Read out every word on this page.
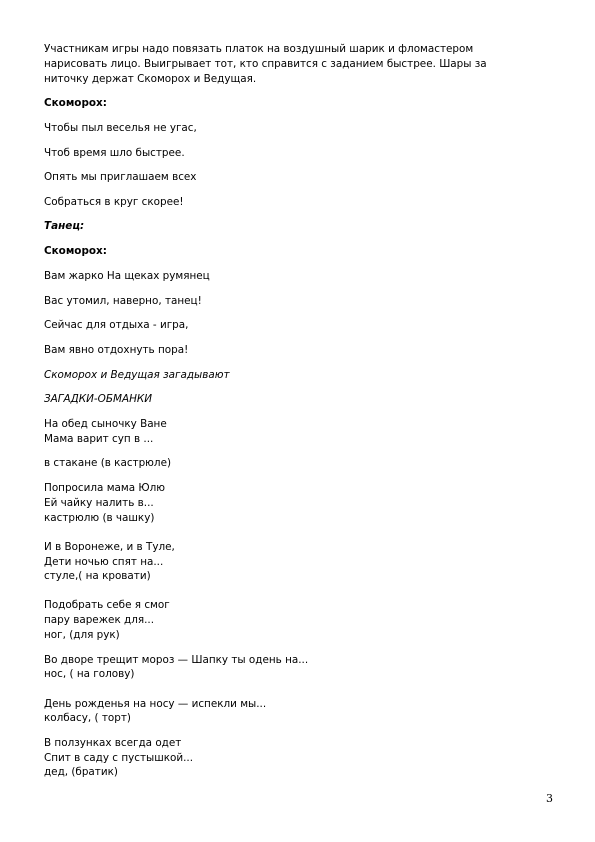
Участникам игры надо повязать платок на воздушный шарик и фломастером
нарисовать лицо. Выигрывает тот, кто справится с заданием быстрее. Шары за
ниточку держат Скоморох и Ведущая.
Скоморох:
Чтобы пыл веселья не угас,
Чтоб время шло быстрее.
Опять мы приглашаем всех
Собраться в круг скорее!
Танец:
Скоморох:
Вам жарко На щеках румянец
Вас утомил, наверно, танец!
Сейчас для отдыха - игра,
Вам явно отдохнуть пора!
Скоморох и Ведущая загадывают
ЗАГАДКИ-ОБМАНКИ
На обед сыночку Ване
Мама варит суп в ...
в стакане (в кастрюле)
Попросила мама Юлю
Ей чайку налить в...
кастрюлю (в чашку)
И в Воронеже, и в Туле,
Дети ночью спят на...
стуле,( на кровати)
Подобрать себе я смог
пару варежек для...
ног, (для рук)
Во дворе трещит мороз — Шапку ты одень на...
нос, ( на голову)
День рожденья на носу — испекли мы...
колбасу, ( торт)
В ползунках всегда одет
Спит в саду с пустышкой...
дед, (братик)
3
